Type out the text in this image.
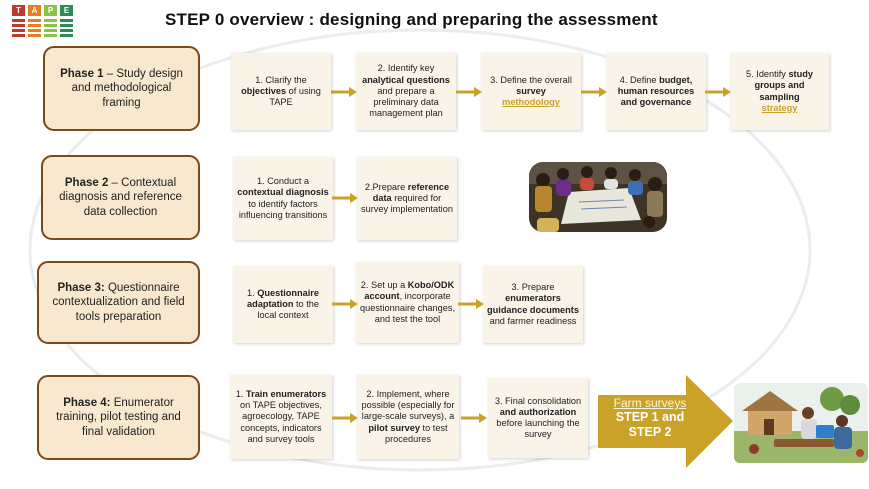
T	A	P	E	STEP 0 overview : designing and preparing the assessment
Phase 1 – Study design and methodological framing
1. Clarify the objectives of using TAPE
2. Identify key analytical questions and prepare a preliminary data management plan
3. Define the overall survey
methodology
4. Define budget, human resources and governance
5. Identify study groups and sampling
strategy
Phase 2 – Contextual diagnosis and reference data collection
1. Conduct a contextual diagnosis to identify factors influencing transitions
2.Prepare reference data required for survey implementation
Phase 3: Questionnaire contextualization and field tools preparation
1. Questionnaire adaptation to the local context
2. Set up a Kobo/ODK account, incorporate questionnaire changes, and test the tool
3. Prepare enumerators guidance documents and farmer readiness
Phase 4: Enumerator training, pilot testing and final validation
1. Train enumerators on TAPE objectives, agroecology, TAPE concepts, indicators and survey tools
2. Implement, where possible (especially for large-scale surveys), a pilot survey to test procedures
3. Final consolidation and authorization before launching the survey
Farm surveys
STEP 1 and
STEP 2
